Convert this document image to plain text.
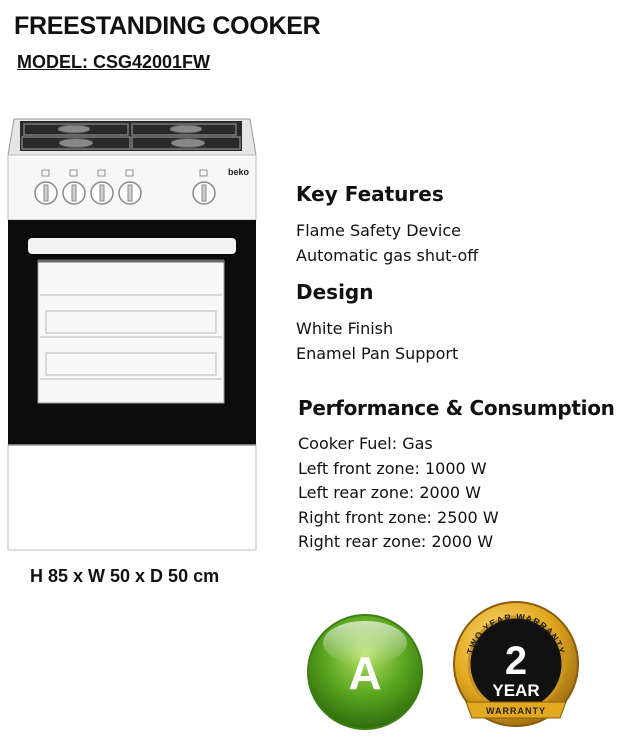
FREESTANDING COOKER
MODEL: CSG42001FW
beko
H 85 x W 50 x D 50 cm
Key Features
Flame Safety Device
Automatic gas shut-off
Design
White Finish
Enamel Pan Support
Performance & Consumption
Cooker Fuel: Gas
Left front zone: 1000 W
Left rear zone: 2000 W
Right front zone: 2500 W
Right rear zone: 2000 W
A	TWO YEAR WARRANTY
2
YEAR
WARRANTY
